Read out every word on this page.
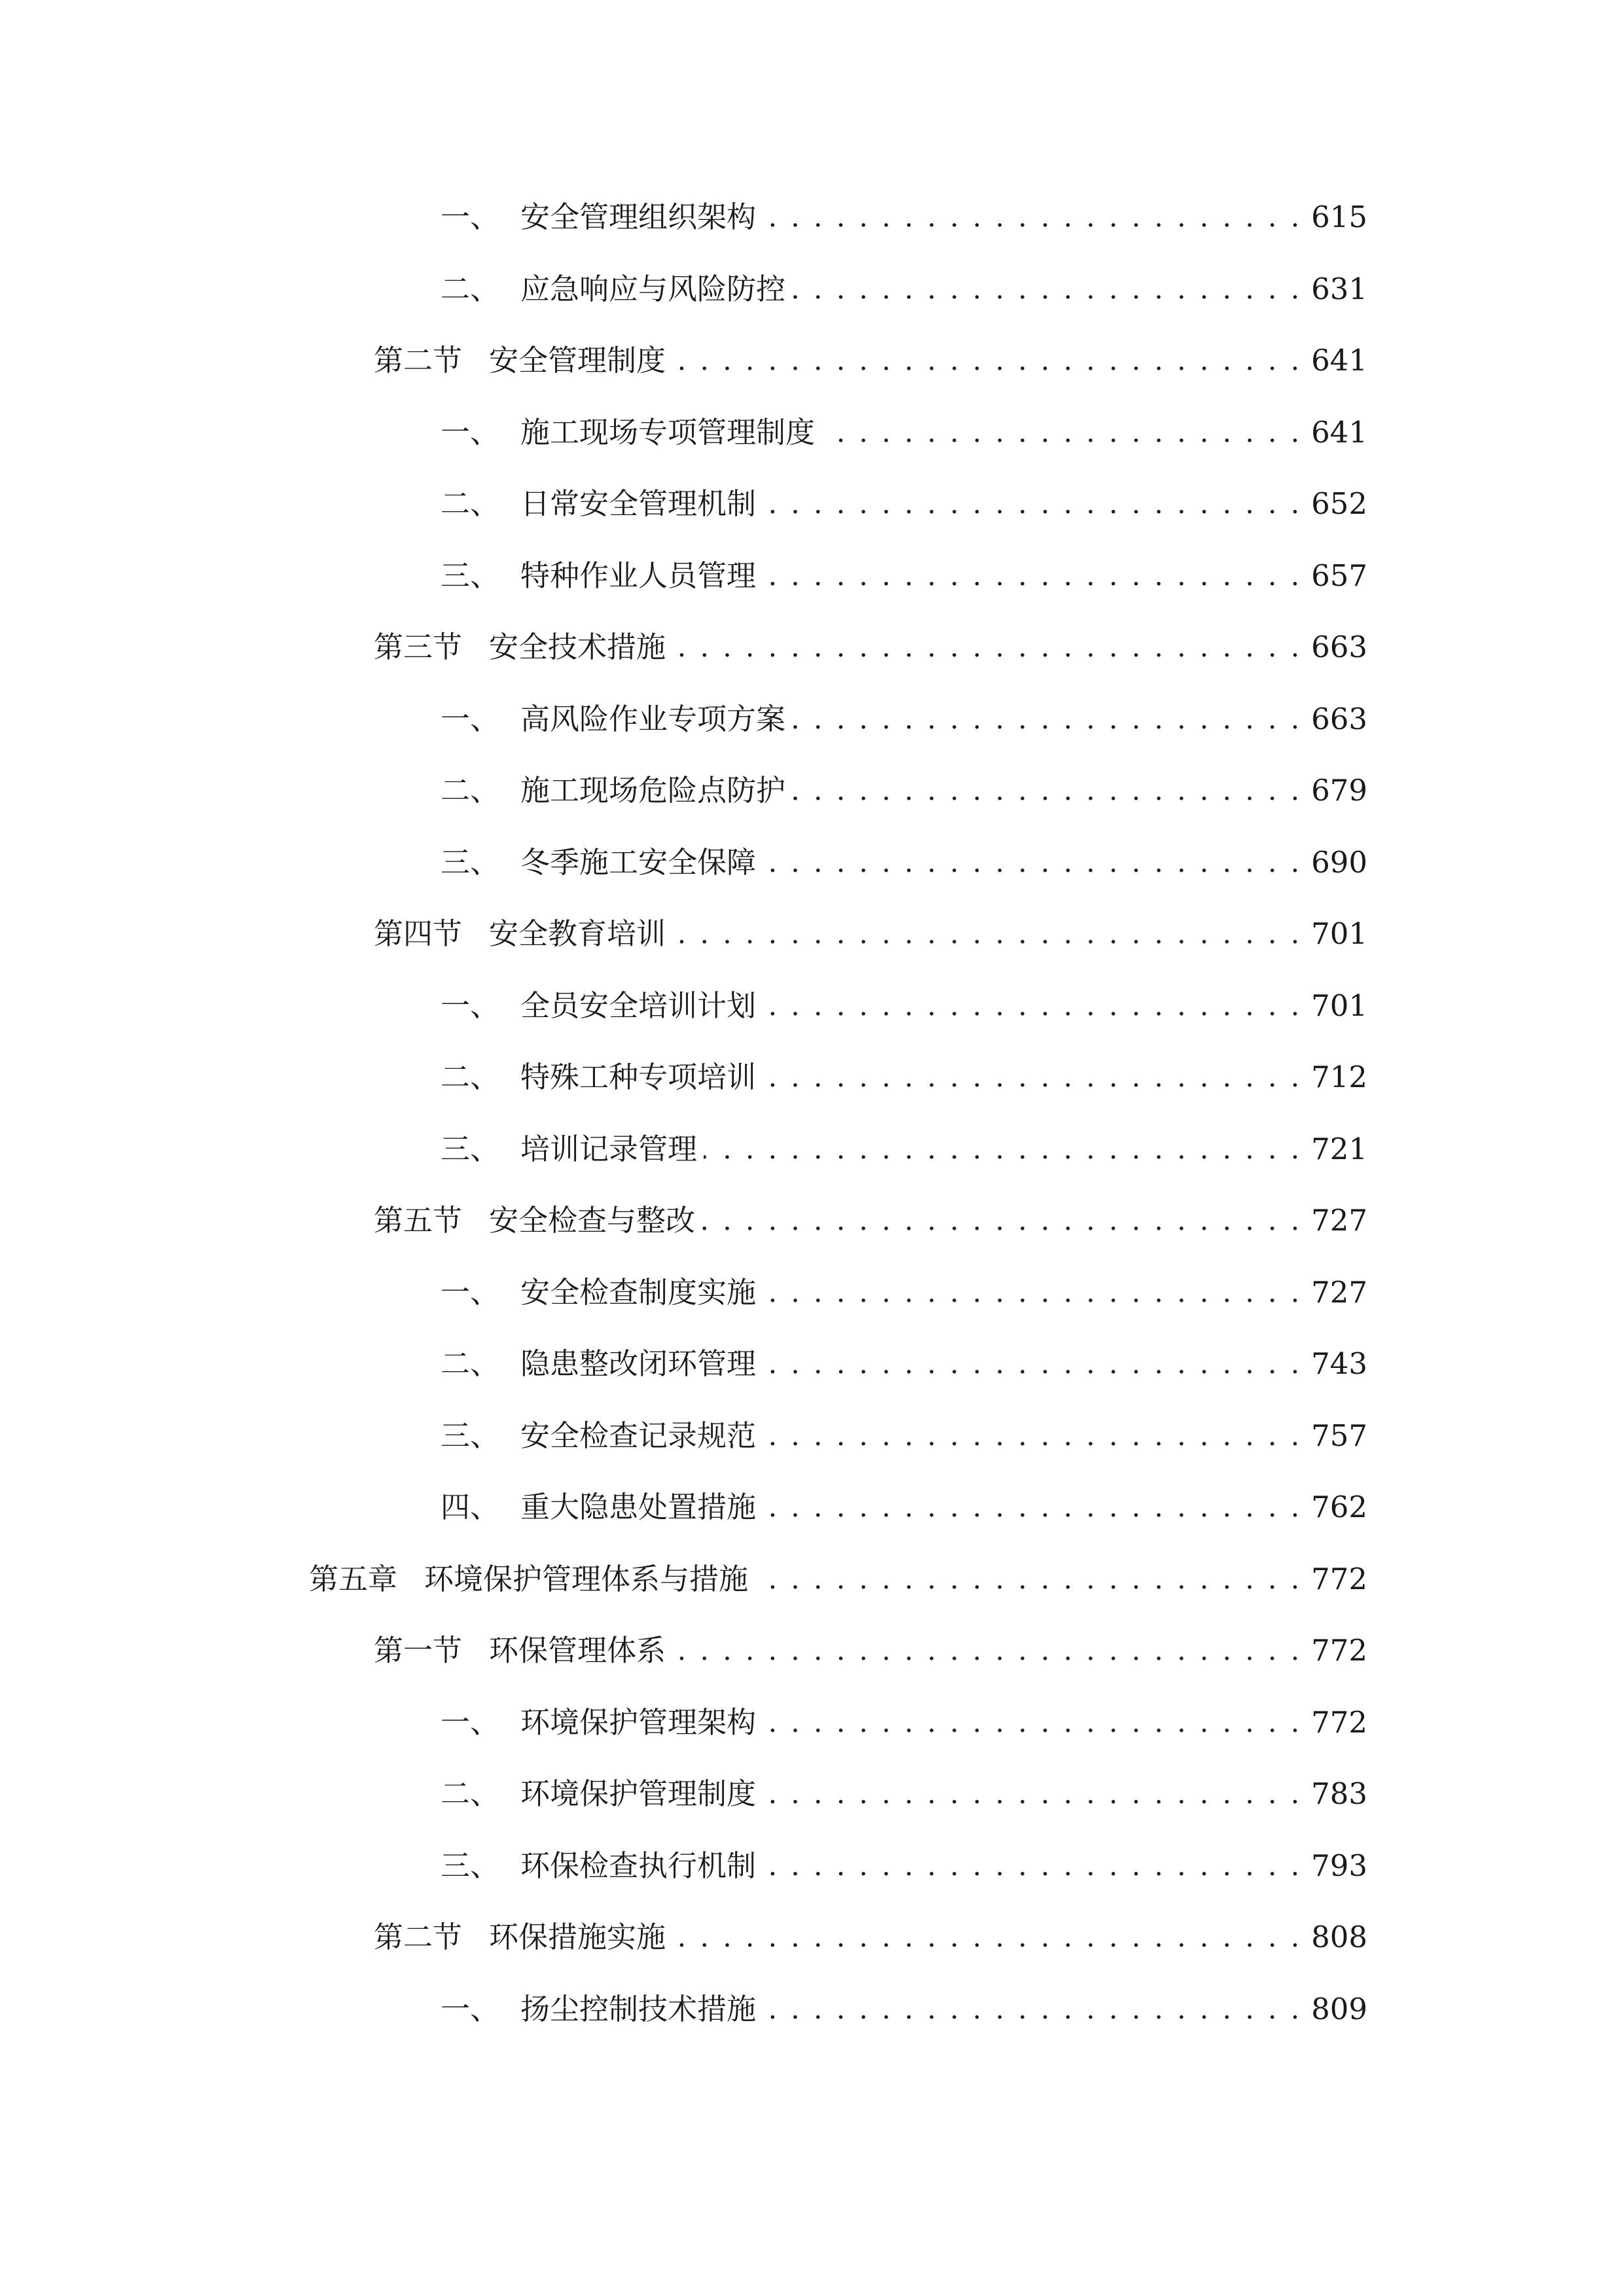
一、 安全管理组织架构 . . .	615
二、 应急响应与风险防控 . . .	631
第二节 安全管理制度 . . .	641
一、 施工现场专项管理制度 . . .	641
二、 日常安全管理机制 . . .	652
三、 特种作业人员管理 . . .	657
第三节 安全技术措施 . . .	663
一、 高风险作业专项方案 . . .	663
二、 施工现场危险点防护 . . .	679
三、 冬季施工安全保障 . . .	690
第四节 安全教育培训 . . .	701
一、 全员安全培训计划 . . .	701
二、 特殊工种专项培训 . . .	712
三、 培训记录管理 . . .	721
第五节 安全检查与整改 . . .	727
一、 安全检查制度实施 . . .	727
二、 隐患整改闭环管理 . . .	743
三、 安全检查记录规范 . . .	757
四、 重大隐患处置措施 . . .	762
第五章 环境保护管理体系与措施 . . .	772
第一节 环保管理体系 . . .	772
一、 环境保护管理架构 . . .	772
二、 环境保护管理制度 . . .	783
三、 环保检查执行机制 . . .	793
第二节 环保措施实施 . . .	808
一、 扬尘控制技术措施 . . .	809
